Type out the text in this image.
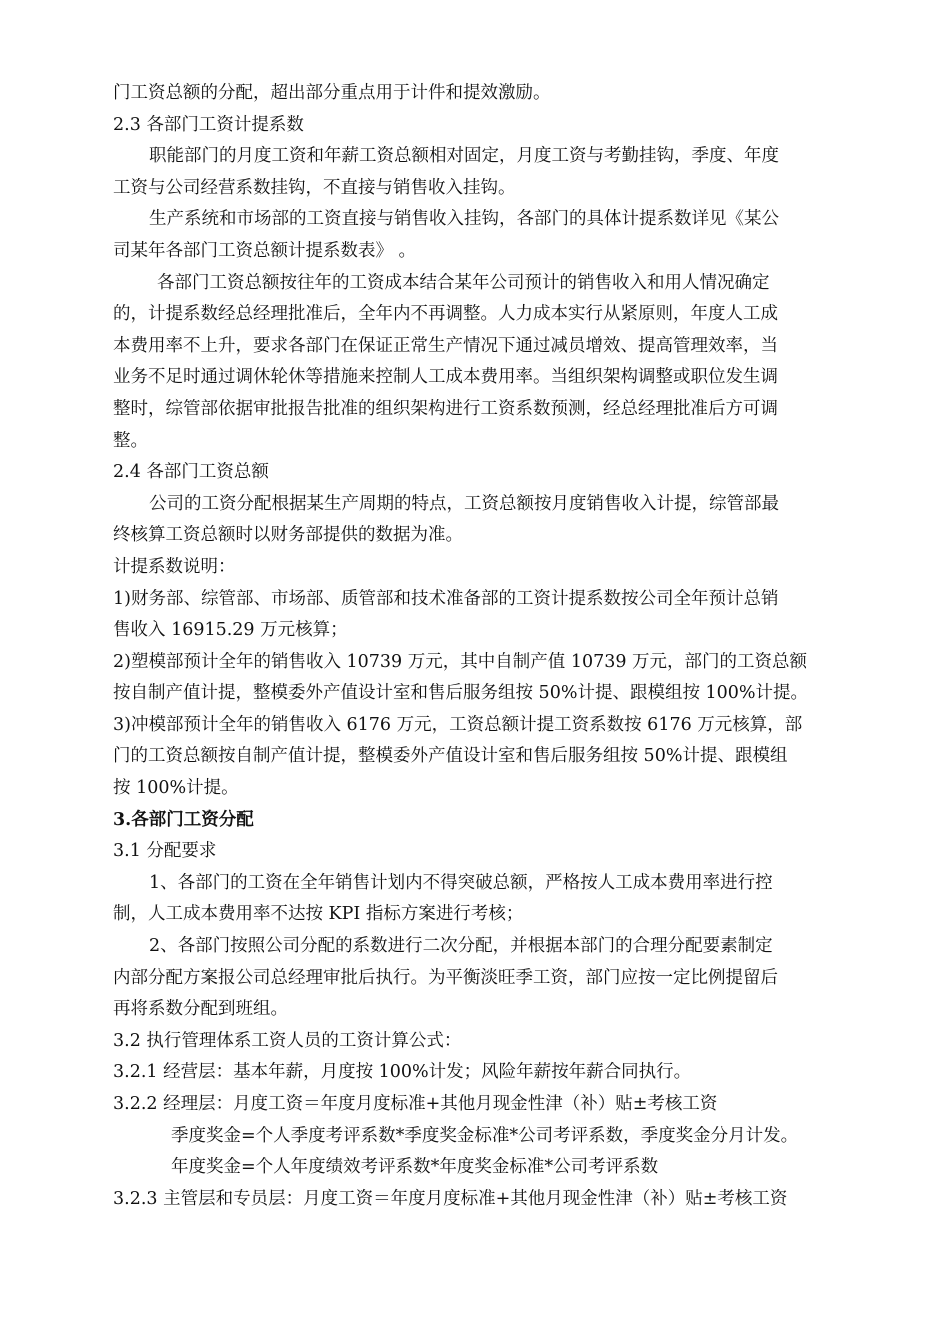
门工资总额的分配，超出部分重点用于计件和提效激励。
2.3 各部门工资计提系数
职能部门的月度工资和年薪工资总额相对固定，月度工资与考勤挂钩，季度、年度
工资与公司经营系数挂钩，不直接与销售收入挂钩。
生产系统和市场部的工资直接与销售收入挂钩，各部门的具体计提系数详见《某公
司某年各部门工资总额计提系数表》 。
各部门工资总额按往年的工资成本结合某年公司预计的销售收入和用人情况确定
的，计提系数经总经理批准后，全年内不再调整。人力成本实行从紧原则，年度人工成
本费用率不上升，要求各部门在保证正常生产情况下通过减员增效、提高管理效率，当
业务不足时通过调休轮休等措施来控制人工成本费用率。当组织架构调整或职位发生调
整时，综管部依据审批报告批准的组织架构进行工资系数预测，经总经理批准后方可调
整。
2.4 各部门工资总额
公司的工资分配根据某生产周期的特点，工资总额按月度销售收入计提，综管部最
终核算工资总额时以财务部提供的数据为准。
计提系数说明：
1)财务部、综管部、市场部、质管部和技术准备部的工资计提系数按公司全年预计总销
售收入 16915.29 万元核算；
2)塑模部预计全年的销售收入 10739 万元，其中自制产值 10739 万元，部门的工资总额
按自制产值计提，整模委外产值设计室和售后服务组按 50%计提、跟模组按 100%计提。
3)冲模部预计全年的销售收入 6176 万元，工资总额计提工资系数按 6176 万元核算，部
门的工资总额按自制产值计提，整模委外产值设计室和售后服务组按 50%计提、跟模组
按 100%计提。
3.各部门工资分配
3.1 分配要求
1、各部门的工资在全年销售计划内不得突破总额，严格按人工成本费用率进行控
制，人工成本费用率不达按 KPI 指标方案进行考核；
2、各部门按照公司分配的系数进行二次分配，并根据本部门的合理分配要素制定
内部分配方案报公司总经理审批后执行。为平衡淡旺季工资，部门应按一定比例提留后
再将系数分配到班组。
3.2 执行管理体系工资人员的工资计算公式：
3.2.1 经营层：基本年薪，月度按 100%计发；风险年薪按年薪合同执行。
3.2.2 经理层：月度工资＝年度月度标准+其他月现金性津（补）贴±考核工资
季度奖金=个人季度考评系数*季度奖金标准*公司考评系数，季度奖金分月计发。
年度奖金=个人年度绩效考评系数*年度奖金标准*公司考评系数
3.2.3 主管层和专员层：月度工资＝年度月度标准+其他月现金性津（补）贴±考核工资
